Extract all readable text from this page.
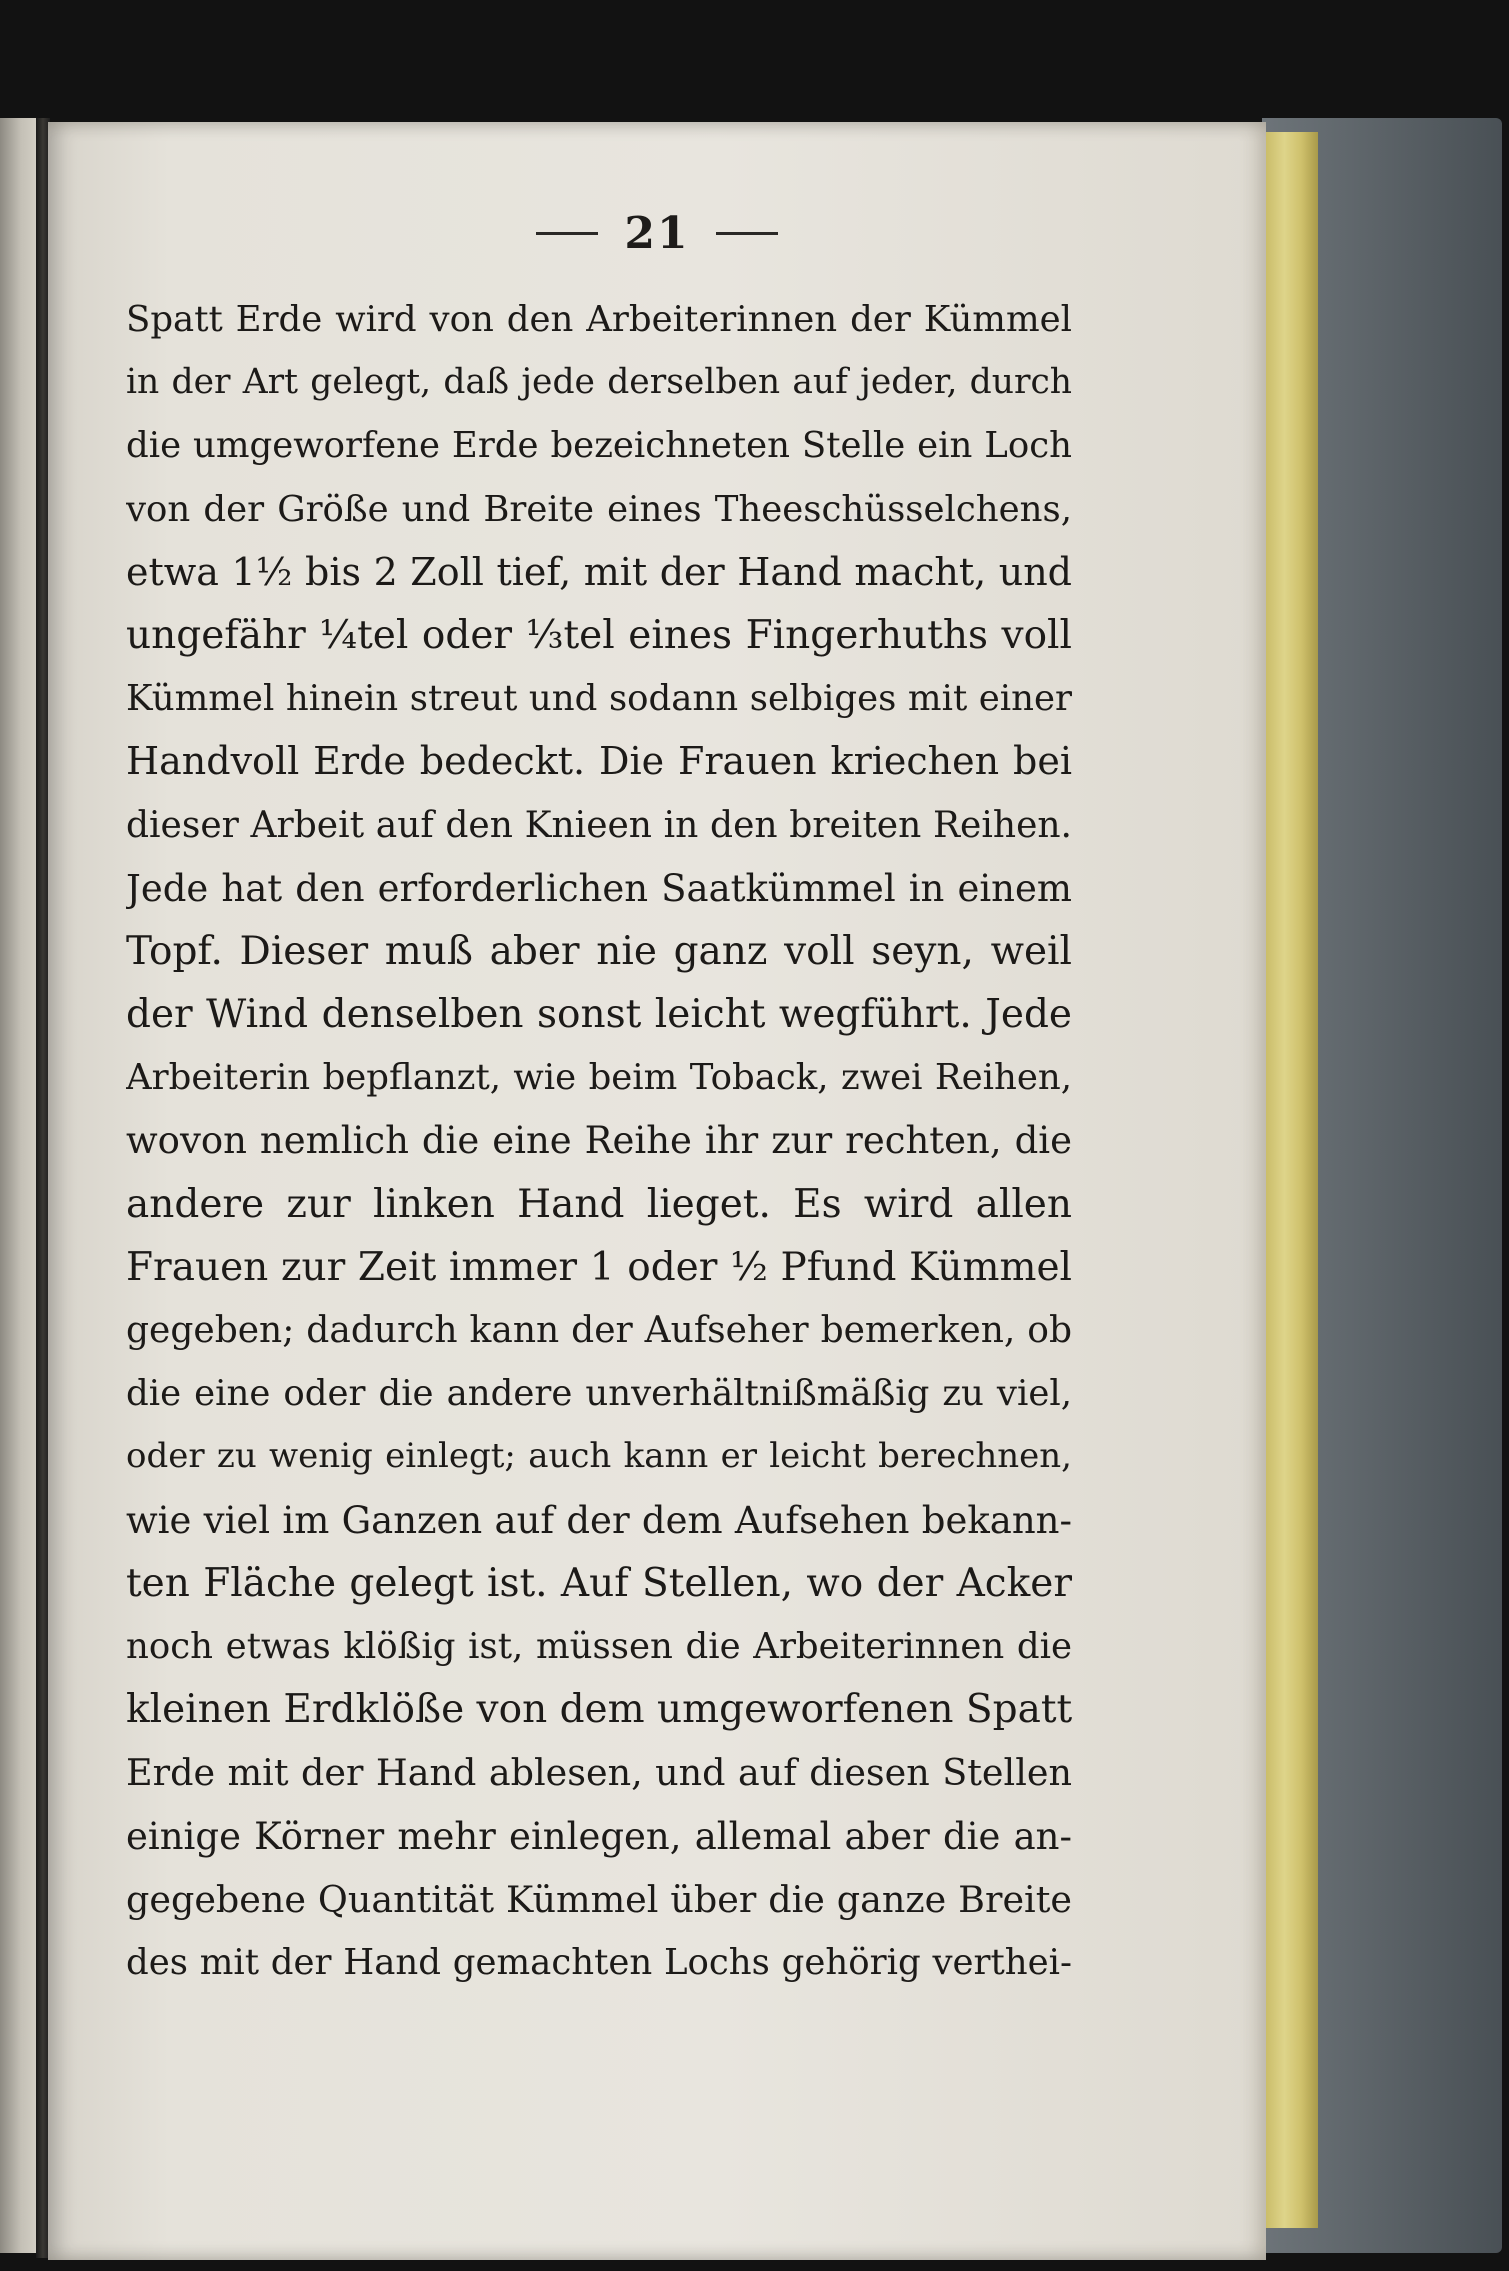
21
Spatt Erde wird von den Arbeiterinnen der Kümmel
in der Art gelegt, daß jede derselben auf jeder, durch
die umgeworfene Erde bezeichneten Stelle ein Loch
von der Größe und Breite eines Theeschüsselchens,
etwa 1½ bis 2 Zoll tief, mit der Hand macht, und
ungefähr ¼tel oder ⅓tel eines Fingerhuths voll
Kümmel hinein streut und sodann selbiges mit einer
Handvoll Erde bedeckt. Die Frauen kriechen bei
dieser Arbeit auf den Knieen in den breiten Reihen.
Jede hat den erforderlichen Saatkümmel in einem
Topf. Dieser muß aber nie ganz voll seyn, weil
der Wind denselben sonst leicht wegführt. Jede
Arbeiterin bepflanzt, wie beim Toback, zwei Reihen,
wovon nemlich die eine Reihe ihr zur rechten, die
andere zur linken Hand lieget. Es wird allen
Frauen zur Zeit immer 1 oder ½ Pfund Kümmel
gegeben; dadurch kann der Aufseher bemerken, ob
die eine oder die andere unverhältnißmäßig zu viel,
oder zu wenig einlegt; auch kann er leicht berechnen,
wie viel im Ganzen auf der dem Aufsehen bekann-
ten Fläche gelegt ist. Auf Stellen, wo der Acker
noch etwas klößig ist, müssen die Arbeiterinnen die
kleinen Erdklöße von dem umgeworfenen Spatt
Erde mit der Hand ablesen, und auf diesen Stellen
einige Körner mehr einlegen, allemal aber die an-
gegebene Quantität Kümmel über die ganze Breite
des mit der Hand gemachten Lochs gehörig verthei-
